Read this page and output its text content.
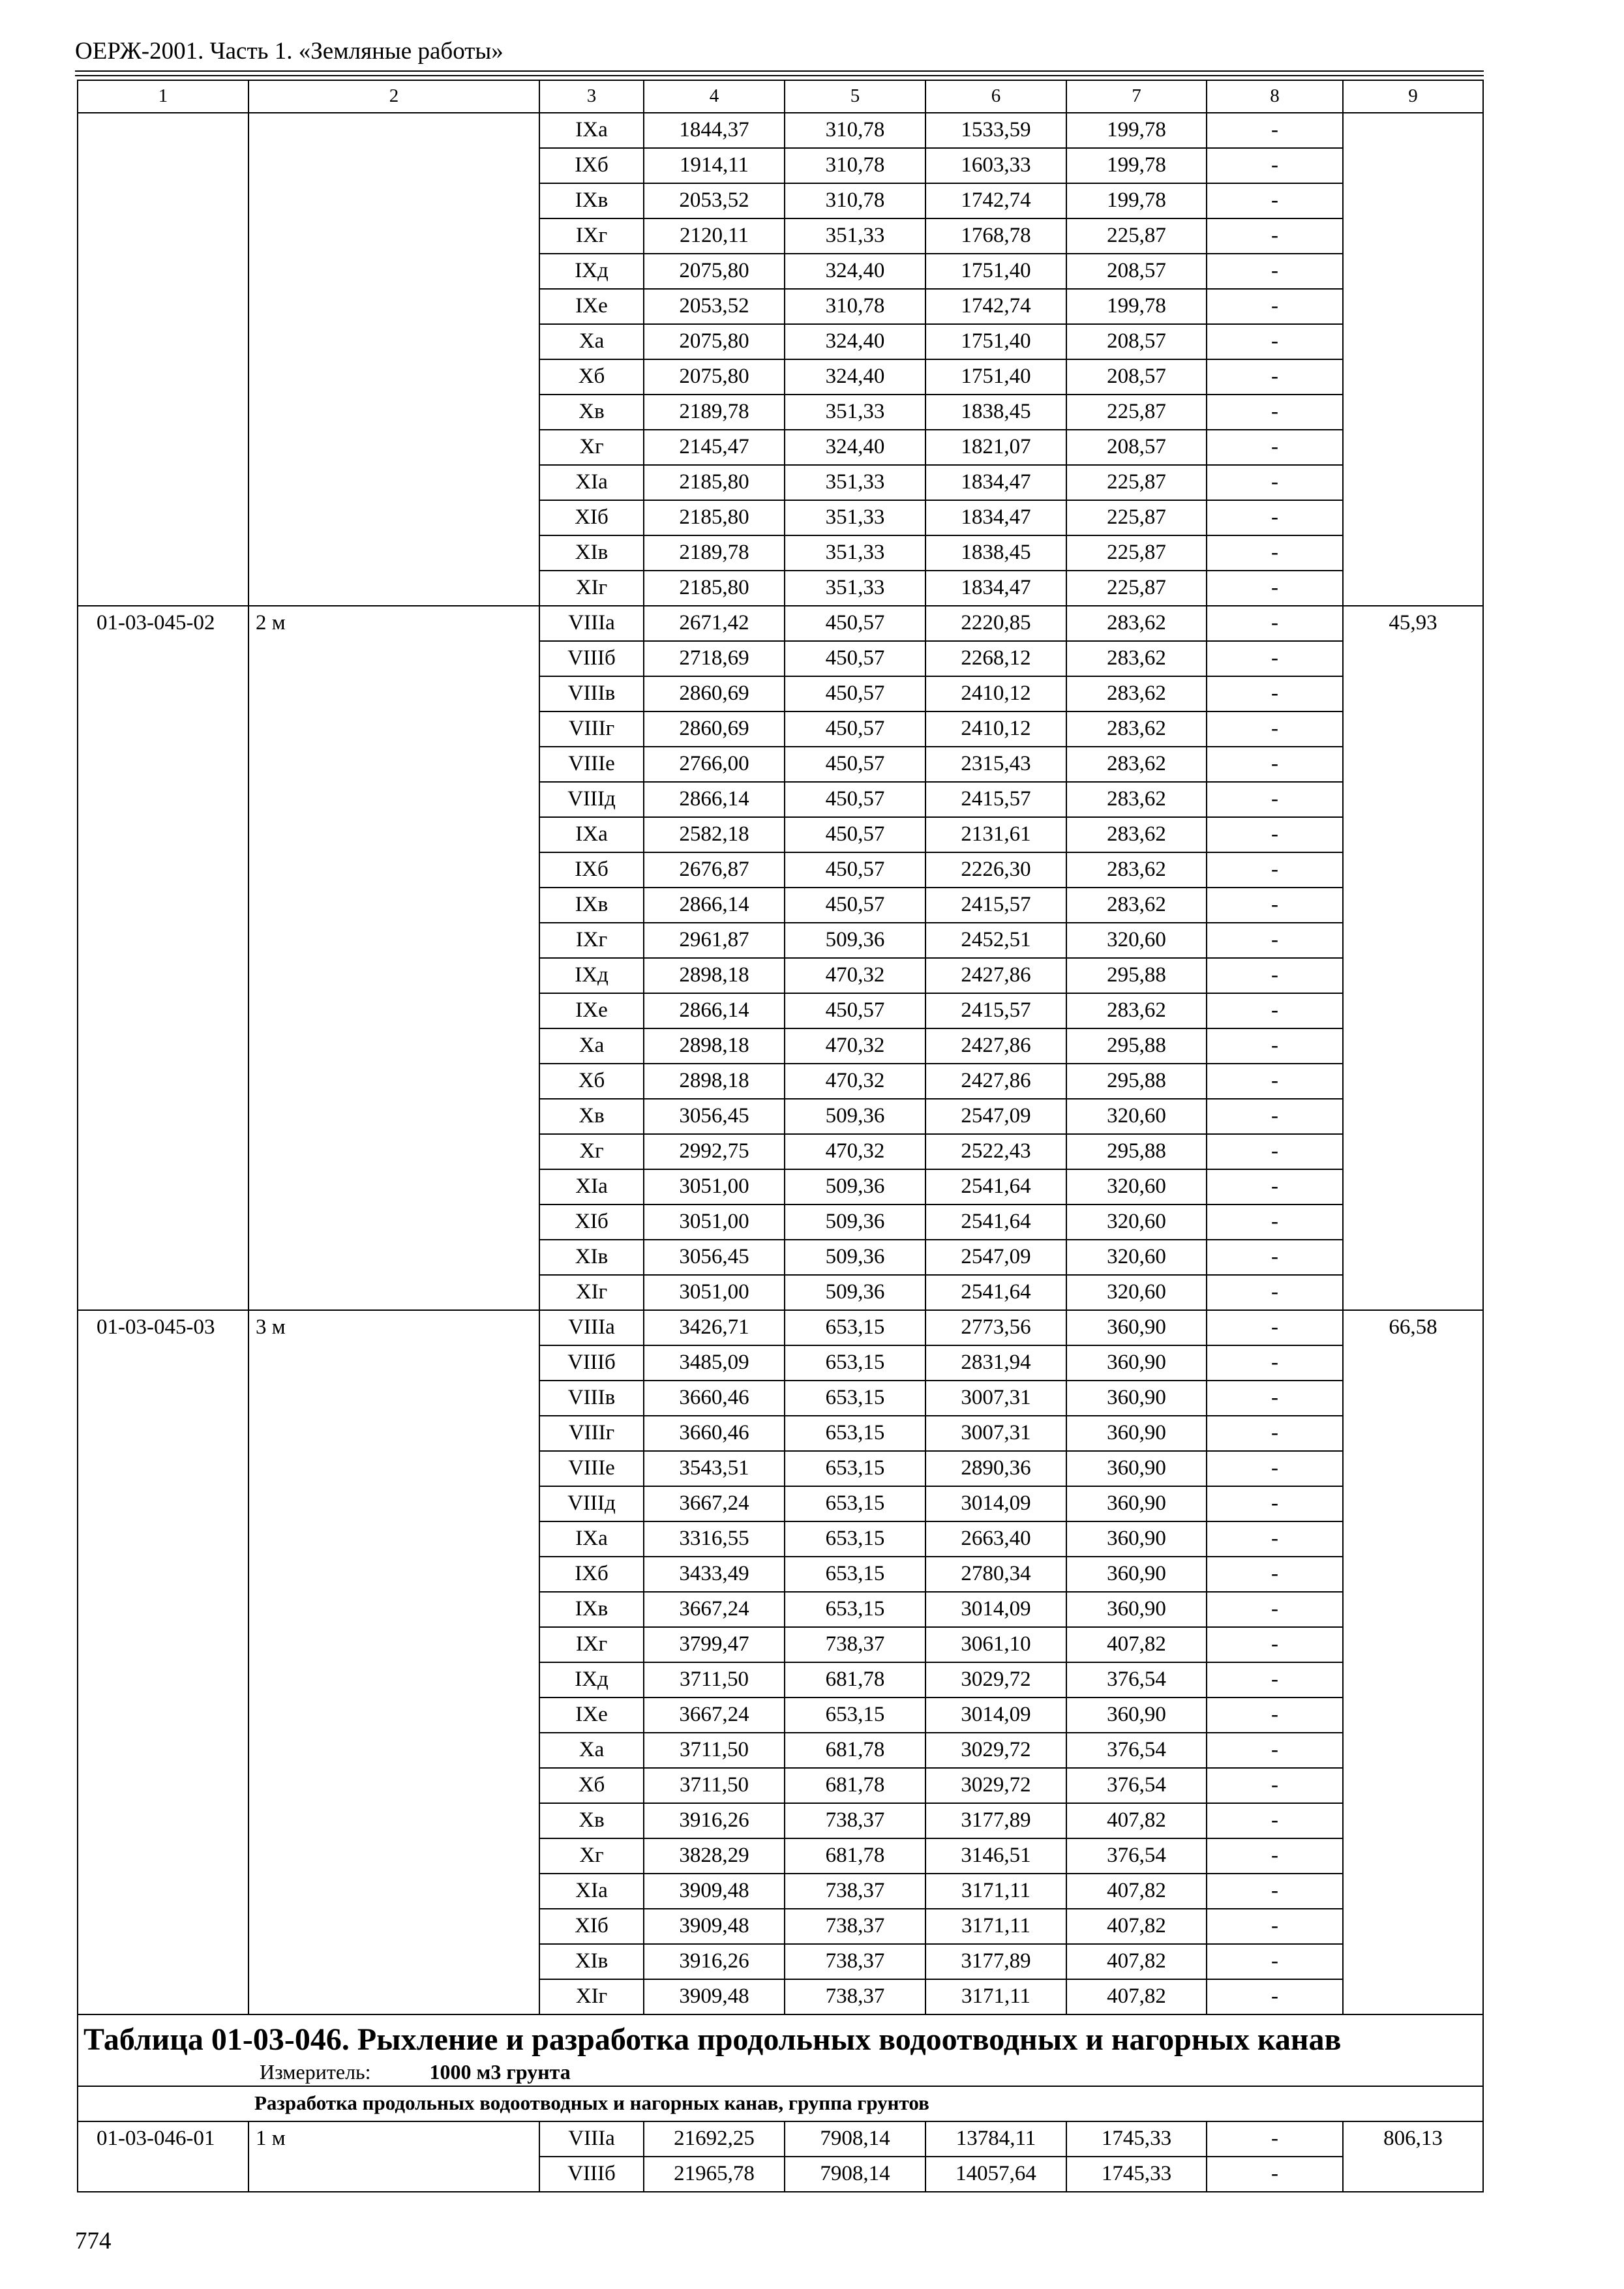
ОЕРЖ-2001. Часть 1. «Земляные работы»
1	2	3	4	5	6	7	8	9
		IXа	1844,37	310,78	1533,59	199,78	-	
		IXб	1914,11	310,78	1603,33	199,78	-	
		IXв	2053,52	310,78	1742,74	199,78	-	
		IXг	2120,11	351,33	1768,78	225,87	-	
		IXд	2075,80	324,40	1751,40	208,57	-	
		IXе	2053,52	310,78	1742,74	199,78	-	
		Xа	2075,80	324,40	1751,40	208,57	-	
		Xб	2075,80	324,40	1751,40	208,57	-	
		Xв	2189,78	351,33	1838,45	225,87	-	
		Xг	2145,47	324,40	1821,07	208,57	-	
		XIа	2185,80	351,33	1834,47	225,87	-	
		XIб	2185,80	351,33	1834,47	225,87	-	
		XIв	2189,78	351,33	1838,45	225,87	-	
		XIг	2185,80	351,33	1834,47	225,87	-	
01-03-045-02	2 м	VIIIа	2671,42	450,57	2220,85	283,62	-	45,93
		VIIIб	2718,69	450,57	2268,12	283,62	-	
		VIIIв	2860,69	450,57	2410,12	283,62	-	
		VIIIг	2860,69	450,57	2410,12	283,62	-	
		VIIIе	2766,00	450,57	2315,43	283,62	-	
		VIIIд	2866,14	450,57	2415,57	283,62	-	
		IXа	2582,18	450,57	2131,61	283,62	-	
		IXб	2676,87	450,57	2226,30	283,62	-	
		IXв	2866,14	450,57	2415,57	283,62	-	
		IXг	2961,87	509,36	2452,51	320,60	-	
		IXд	2898,18	470,32	2427,86	295,88	-	
		IXе	2866,14	450,57	2415,57	283,62	-	
		Xа	2898,18	470,32	2427,86	295,88	-	
		Xб	2898,18	470,32	2427,86	295,88	-	
		Xв	3056,45	509,36	2547,09	320,60	-	
		Xг	2992,75	470,32	2522,43	295,88	-	
		XIа	3051,00	509,36	2541,64	320,60	-	
		XIб	3051,00	509,36	2541,64	320,60	-	
		XIв	3056,45	509,36	2547,09	320,60	-	
		XIг	3051,00	509,36	2541,64	320,60	-	
01-03-045-03	3 м	VIIIа	3426,71	653,15	2773,56	360,90	-	66,58
		VIIIб	3485,09	653,15	2831,94	360,90	-	
		VIIIв	3660,46	653,15	3007,31	360,90	-	
		VIIIг	3660,46	653,15	3007,31	360,90	-	
		VIIIе	3543,51	653,15	2890,36	360,90	-	
		VIIIд	3667,24	653,15	3014,09	360,90	-	
		IXа	3316,55	653,15	2663,40	360,90	-	
		IXб	3433,49	653,15	2780,34	360,90	-	
		IXв	3667,24	653,15	3014,09	360,90	-	
		IXг	3799,47	738,37	3061,10	407,82	-	
		IXд	3711,50	681,78	3029,72	376,54	-	
		IXе	3667,24	653,15	3014,09	360,90	-	
		Xа	3711,50	681,78	3029,72	376,54	-	
		Xб	3711,50	681,78	3029,72	376,54	-	
		Xв	3916,26	738,37	3177,89	407,82	-	
		Xг	3828,29	681,78	3146,51	376,54	-	
		XIа	3909,48	738,37	3171,11	407,82	-	
		XIб	3909,48	738,37	3171,11	407,82	-	
		XIв	3916,26	738,37	3177,89	407,82	-	
		XIг	3909,48	738,37	3171,11	407,82	-	

Таблица 01-03-046. Рыхление и разработка продольных водоотводных и нагорных канав
Измеритель: 1000 м3 грунта								

Разработка продольных водоотводных и нагорных канав, группа грунтов								
01-03-046-01	1 м	VIIIа	21692,25	7908,14	13784,11	1745,33	-	806,13
		VIIIб	21965,78	7908,14	14057,64	1745,33	-	
774
